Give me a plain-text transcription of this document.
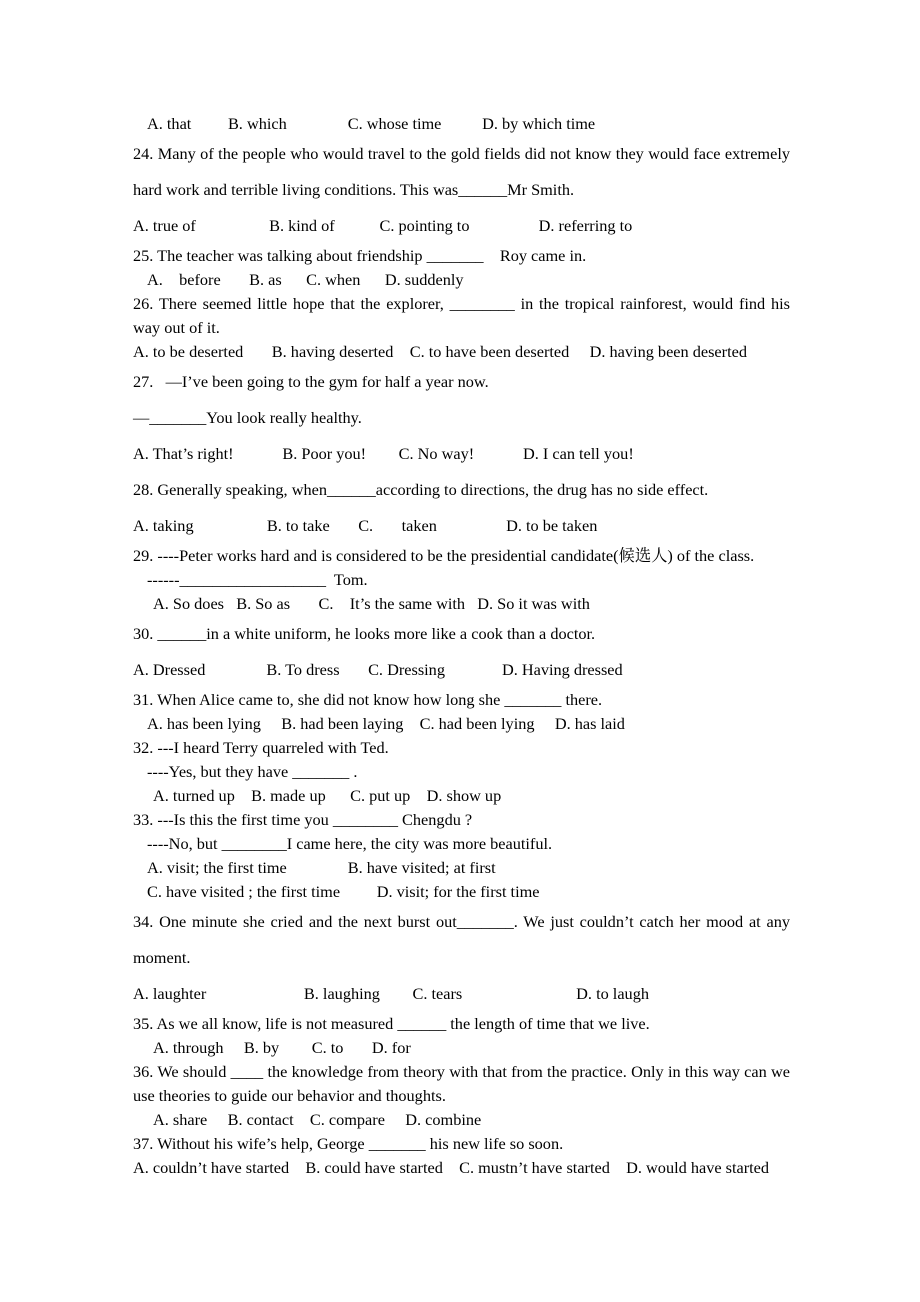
A. that         B. which               C. whose time          D. by which time
24. Many of the people who would travel to the gold fields did not know they would face extremely
hard work and terrible living conditions. This was______Mr Smith.
A. true of                  B. kind of           C. pointing to                 D. referring to
25. The teacher was talking about friendship _______    Roy came in.
A.    before       B. as      C. when      D. suddenly
26. There seemed little hope that the explorer, ________ in the tropical rainforest, would find his
way out of it.
A. to be deserted       B. having deserted    C. to have been deserted     D. having been deserted
27.   —I’ve been going to the gym for half a year now.
—_______You look really healthy.
A. That’s right!            B. Poor you!        C. No way!            D. I can tell you!
28. Generally speaking, when______according to directions, the drug has no side effect.
A. taking                  B. to take       C.       taken                 D. to be taken
29. ----Peter works hard and is considered to be the presidential candidate(候选人) of the class.
------__________________  Tom.
A. So does   B. So as       C.    It’s the same with   D. So it was with
30. ______in a white uniform, he looks more like a cook than a doctor.
A. Dressed               B. To dress       C. Dressing              D. Having dressed
31. When Alice came to, she did not know how long she _______ there.
A. has been lying     B. had been laying    C. had been lying     D. has laid
32. ---I heard Terry quarreled with Ted.
----Yes, but they have _______ .
A. turned up    B. made up      C. put up    D. show up
33. ---Is this the first time you ________ Chengdu ?
----No, but ________I came here, the city was more beautiful.
A. visit; the first time               B. have visited; at first
C. have visited ; the first time         D. visit; for the first time
34. One minute she cried and the next burst out_______. We just couldn’t catch her mood at any
moment.
A. laughter                        B. laughing        C. tears                            D. to laugh
35. As we all know, life is not measured ______ the length of time that we live.
A. through     B. by        C. to       D. for
36. We should ____ the knowledge from theory with that from the practice. Only in this way can we
use theories to guide our behavior and thoughts.
A. share     B. contact    C. compare     D. combine
37. Without his wife’s help, George _______ his new life so soon.
A. couldn’t have started    B. could have started    C. mustn’t have started    D. would have started
